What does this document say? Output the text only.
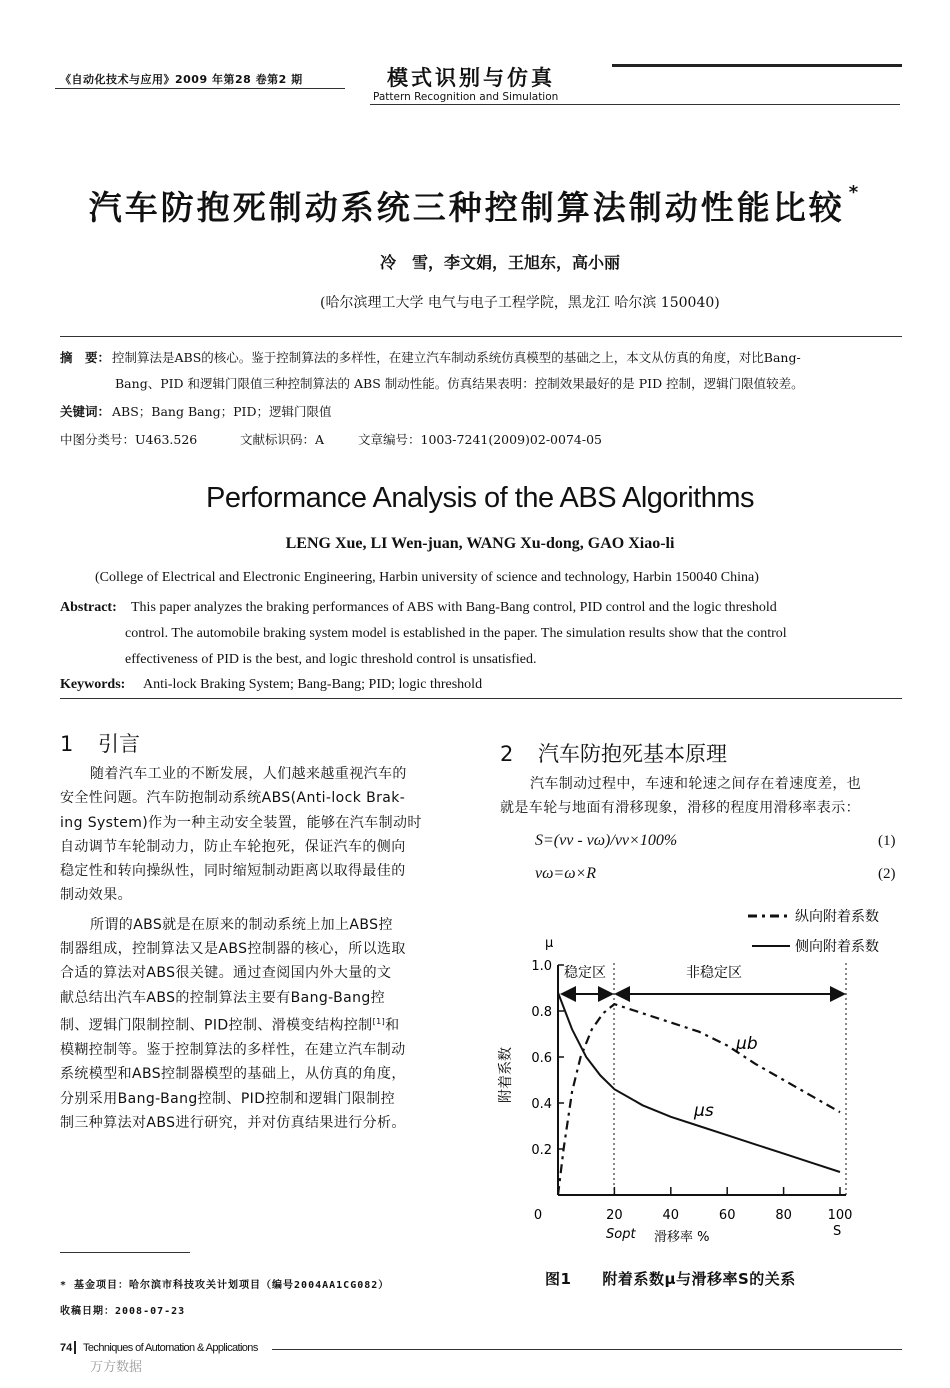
《自动化技术与应用》2009 年第28 卷第2 期	模式识别与仿真
Pattern Recognition and Simulation
汽车防抱死制动系统三种控制算法制动性能比较 *
冷　雪，李文娟，王旭东，高小丽
(哈尔滨理工大学 电气与电子工程学院，黑龙江 哈尔滨 150040)
摘　要： 控制算法是ABS的核心。鉴于控制算法的多样性，在建立汽车制动系统仿真模型的基础之上，本文从仿真的角度，对比Bang-
Bang、PID 和逻辑门限值三种控制算法的 ABS 制动性能。仿真结果表明：控制效果最好的是 PID 控制，逻辑门限值较差。
关键词： ABS；Bang Bang；PID；逻辑门限值
中图分类号：U463.526	文献标识码：A	文章编号：1003-7241(2009)02-0074-05
Performance Analysis of the ABS Algorithms
LENG Xue, LI Wen-juan, WANG Xu-dong, GAO Xiao-li
(College of Electrical and Electronic Engineering, Harbin university of science and technology, Harbin 150040 China)
Abstract: This paper analyzes the braking performances of ABS with Bang-Bang control, PID control and the logic threshold
control. The automobile braking system model is established in the paper. The simulation results show that the control
effectiveness of PID is the best, and logic threshold control is unsatisfied.
Keywords: Anti-lock Braking System; Bang-Bang; PID; logic threshold
1 引言
随着汽车工业的不断发展，人们越来越重视汽车的
安全性问题。汽车防抱制动系统ABS(Anti-lock Brak-
ing System)作为一种主动安全装置，能够在汽车制动时
自动调节车轮制动力，防止车轮抱死，保证汽车的侧向
稳定性和转向操纵性，同时缩短制动距离以取得最佳的
制动效果。
所谓的ABS就是在原来的制动系统上加上ABS控
制器组成，控制算法又是ABS控制器的核心，所以选取
合适的算法对ABS很关键。通过查阅国内外大量的文
献总结出汽车ABS的控制算法主要有Bang-Bang控
制、逻辑门限制控制、PID控制、滑模变结构控制[1]和
模糊控制等。鉴于控制算法的多样性，在建立汽车制动
系统模型和ABS控制器模型的基础上，从仿真的角度，
分别采用Bang-Bang控制、PID控制和逻辑门限制控
制三种算法对ABS进行研究，并对仿真结果进行分析。
2 汽车防抱死基本原理
汽车制动过程中，车速和轮速之间存在着速度差，也
就是车轮与地面有滑移现象，滑移的程度用滑移率表示：
S=(vv - vω)/vv×100%	(1)
vω=ω×R	(2)
纵向附着系数
侧向附着系数
μ
稳定区	非稳定区
0.2
0.4
0.6
0.8
1.0
0	20	40	60	80	100
μb
μs
附着系数
滑移率 %
Sopt	S
图1　　附着系数μ与滑移率S的关系
* 基金项目：哈尔滨市科技攻关计划项目（编号2004AA1CG082）
收稿日期：2008-07-23
74 Techniques of Automation & Applications
万方数据
